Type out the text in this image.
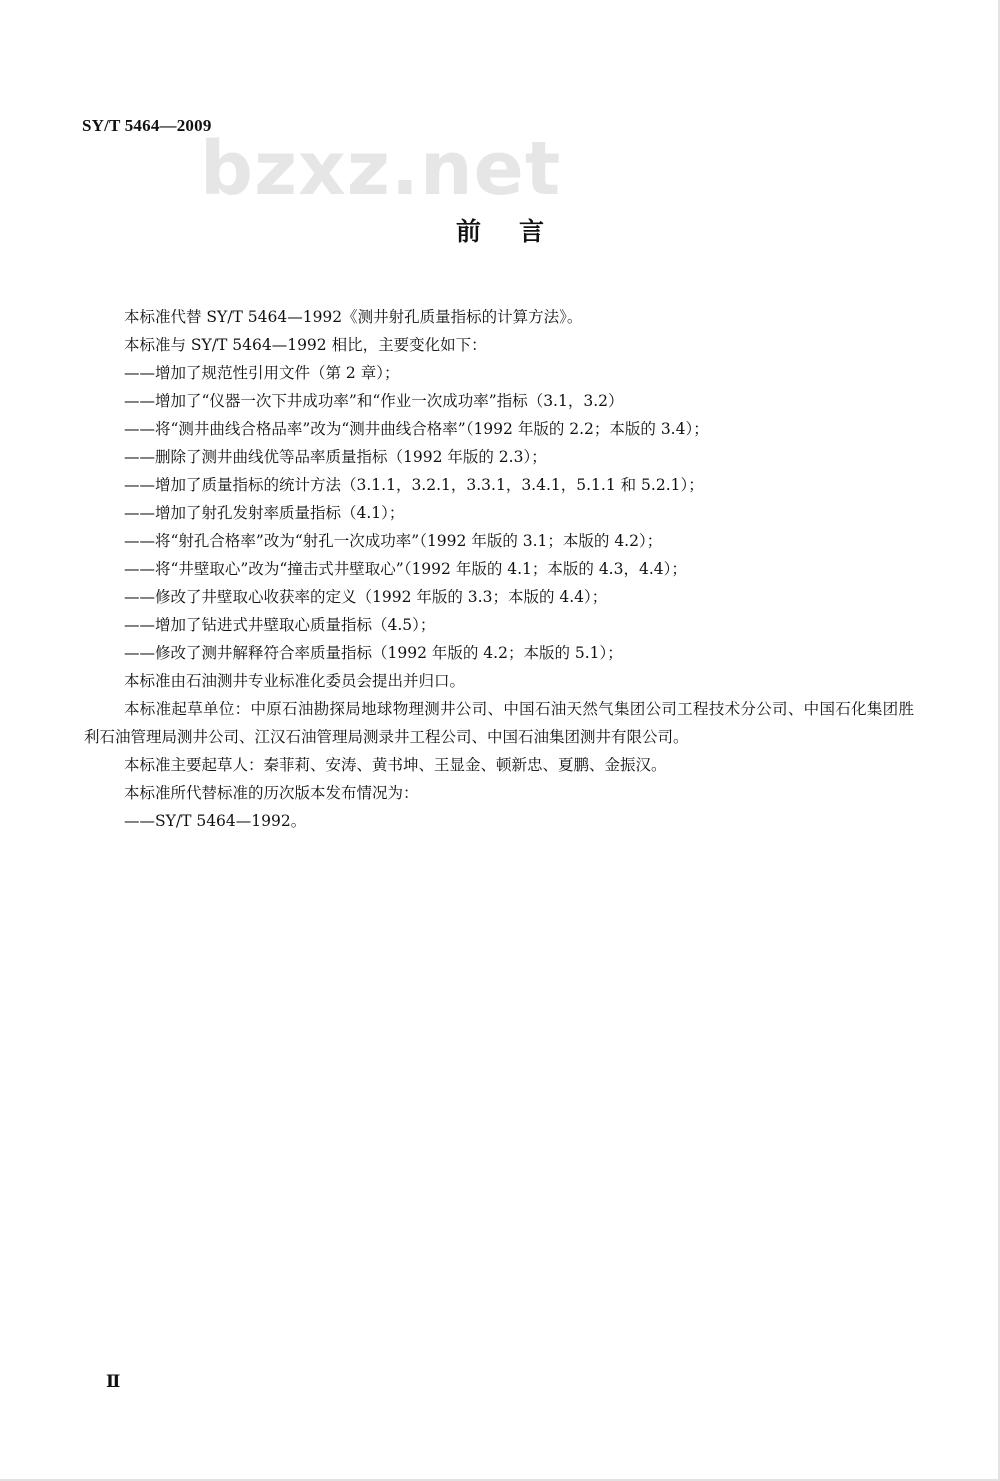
SY/T 5464—2009
bzxz.net
前言

本标准代替 SY/T 5464—1992《测井射孔质量指标的计算方法》。

本标准与 SY/T 5464—1992 相比，主要变化如下：

——增加了规范性引用文件（第 2 章）；

——增加了“仪器一次下井成功率”和“作业一次成功率”指标（3.1，3.2）

——将“测井曲线合格品率”改为“测井曲线合格率”（1992 年版的 2.2；本版的 3.4）；

——删除了测井曲线优等品率质量指标（1992 年版的 2.3）；

——增加了质量指标的统计方法（3.1.1，3.2.1，3.3.1，3.4.1，5.1.1 和 5.2.1）；

——增加了射孔发射率质量指标（4.1）；

——将“射孔合格率”改为“射孔一次成功率”（1992 年版的 3.1；本版的 4.2）；

——将“井壁取心”改为“撞击式井壁取心”（1992 年版的 4.1；本版的 4.3，4.4）；

——修改了井壁取心收获率的定义（1992 年版的 3.3；本版的 4.4）；

——增加了钻进式井壁取心质量指标（4.5）；

——修改了测井解释符合率质量指标（1992 年版的 4.2；本版的 5.1）；

本标准由石油测井专业标准化委员会提出并归口。

本标准起草单位：中原石油勘探局地球物理测井公司、中国石油天然气集团公司工程技术分公司、中国石化集团胜利石油管理局测井公司、江汉石油管理局测录井工程公司、中国石油集团测井有限公司。

本标准主要起草人：秦菲莉、安涛、黄书坤、王显金、顿新忠、夏鹏、金振汉。

本标准所代替标准的历次版本发布情况为：

——SY/T 5464—1992。

Ⅱ
